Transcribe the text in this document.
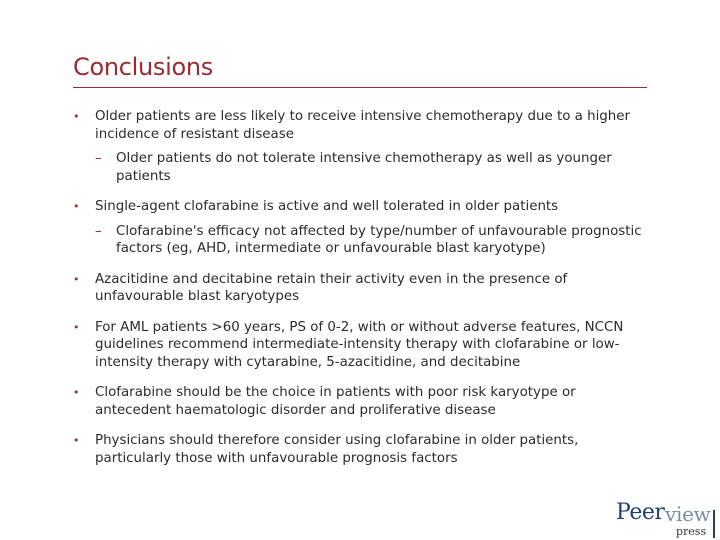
Conclusions
• Older patients are less likely to receive intensive chemotherapy due to a higher incidence of resistant disease
– Older patients do not tolerate intensive chemotherapy as well as younger patients
• Single-agent clofarabine is active and well tolerated in older patients
– Clofarabine's efficacy not affected by type/number of unfavourable prognostic factors (eg, AHD, intermediate or unfavourable blast karyotype)
• Azacitidine and decitabine retain their activity even in the presence of unfavourable blast karyotypes
• For AML patients >60 years, PS of 0-2, with or without adverse features, NCCN guidelines recommend intermediate-intensity therapy with clofarabine or low-intensity therapy with cytarabine, 5-azacitidine, and decitabine
• Clofarabine should be the choice in patients with poor risk karyotype or antecedent haematologic disorder and proliferative disease
• Physicians should therefore consider using clofarabine in older patients, particularly those with unfavourable prognosis factors
Peer view
press
